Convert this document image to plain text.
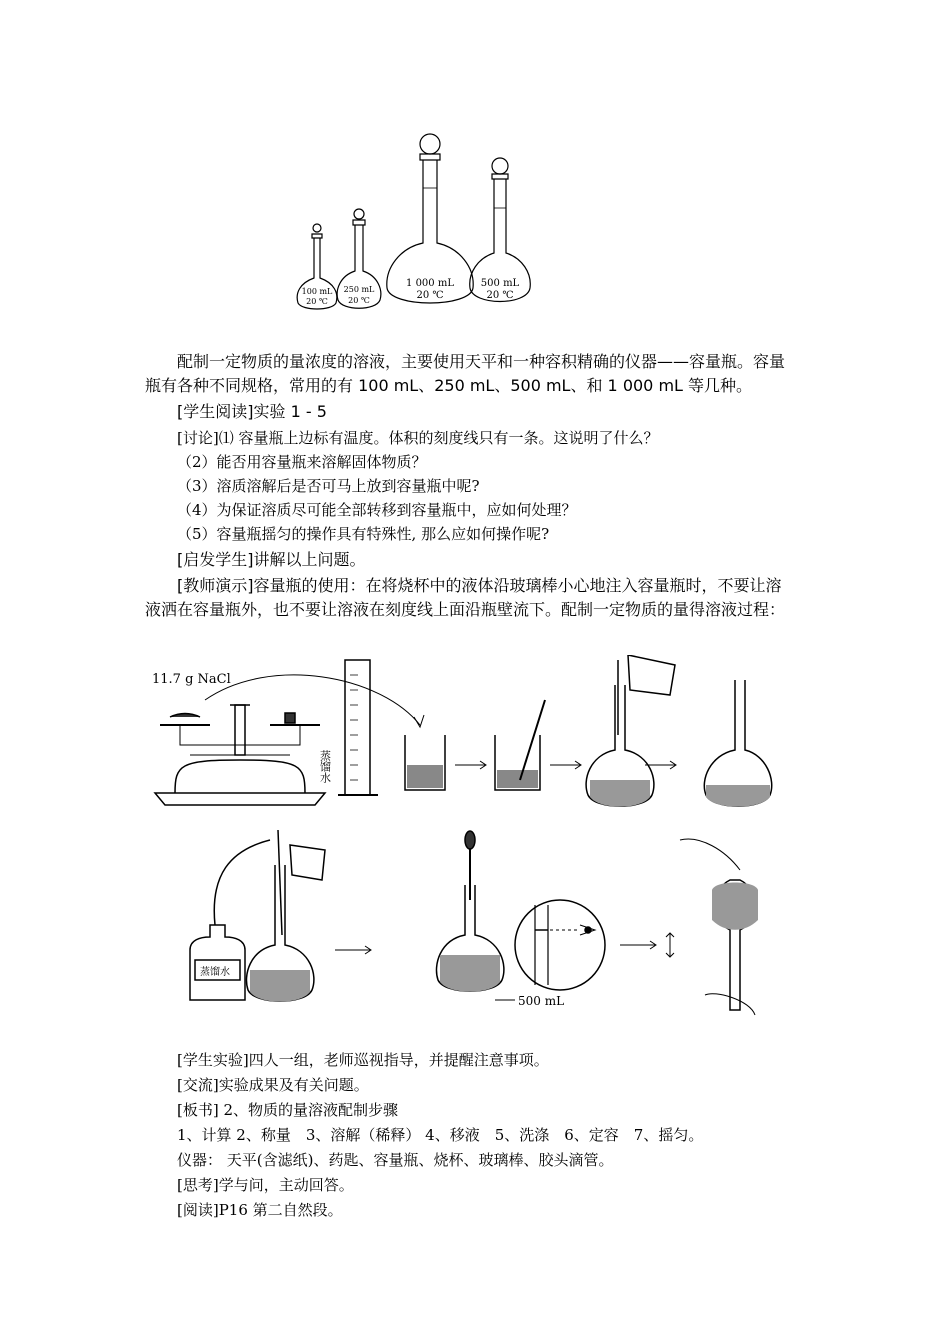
100 mL
20 ℃
250 mL
20 ℃
1 000 mL
20 ℃
500 mL
20 ℃
配制一定物质的量浓度的溶液，主要使用天平和一种容积精确的仪器——容量瓶。容量
瓶有各种不同规格，常用的有 100 mL、250 mL、500 mL、和 1 000 mL 等几种。
[学生阅读]实验 1 - 5
[讨论]⑴ 容量瓶上边标有温度。体积的刻度线只有一条。这说明了什么？
（2）能否用容量瓶来溶解固体物质？
（3）溶质溶解后是否可马上放到容量瓶中呢?
（4）为保证溶质尽可能全部转移到容量瓶中，应如何处理？
（5）容量瓶摇匀的操作具有特殊性, 那么应如何操作呢?
[启发学生]讲解以上问题。
[教师演示]容量瓶的使用：在将烧杯中的液体沿玻璃棒小心地注入容量瓶时，不要让溶
液洒在容量瓶外，也不要让溶液在刻度线上面沿瓶壁流下。配制一定物质的量得溶液过程：
11.7 g NaCl
蒸馏水
蒸馏水
500 mL
[学生实验]四人一组，老师巡视指导，并提醒注意事项。
[交流]实验成果及有关问题。
[板书] 2、物质的量溶液配制步骤
1、计算 2、称量　3、溶解（稀释） 4、移液　5、洗涤　6、定容　7、摇匀。
仪器： 天平(含滤纸)、药匙、容量瓶、烧杯、玻璃棒、胶头滴管。
[思考]学与问，主动回答。
[阅读]P16 第二自然段。
